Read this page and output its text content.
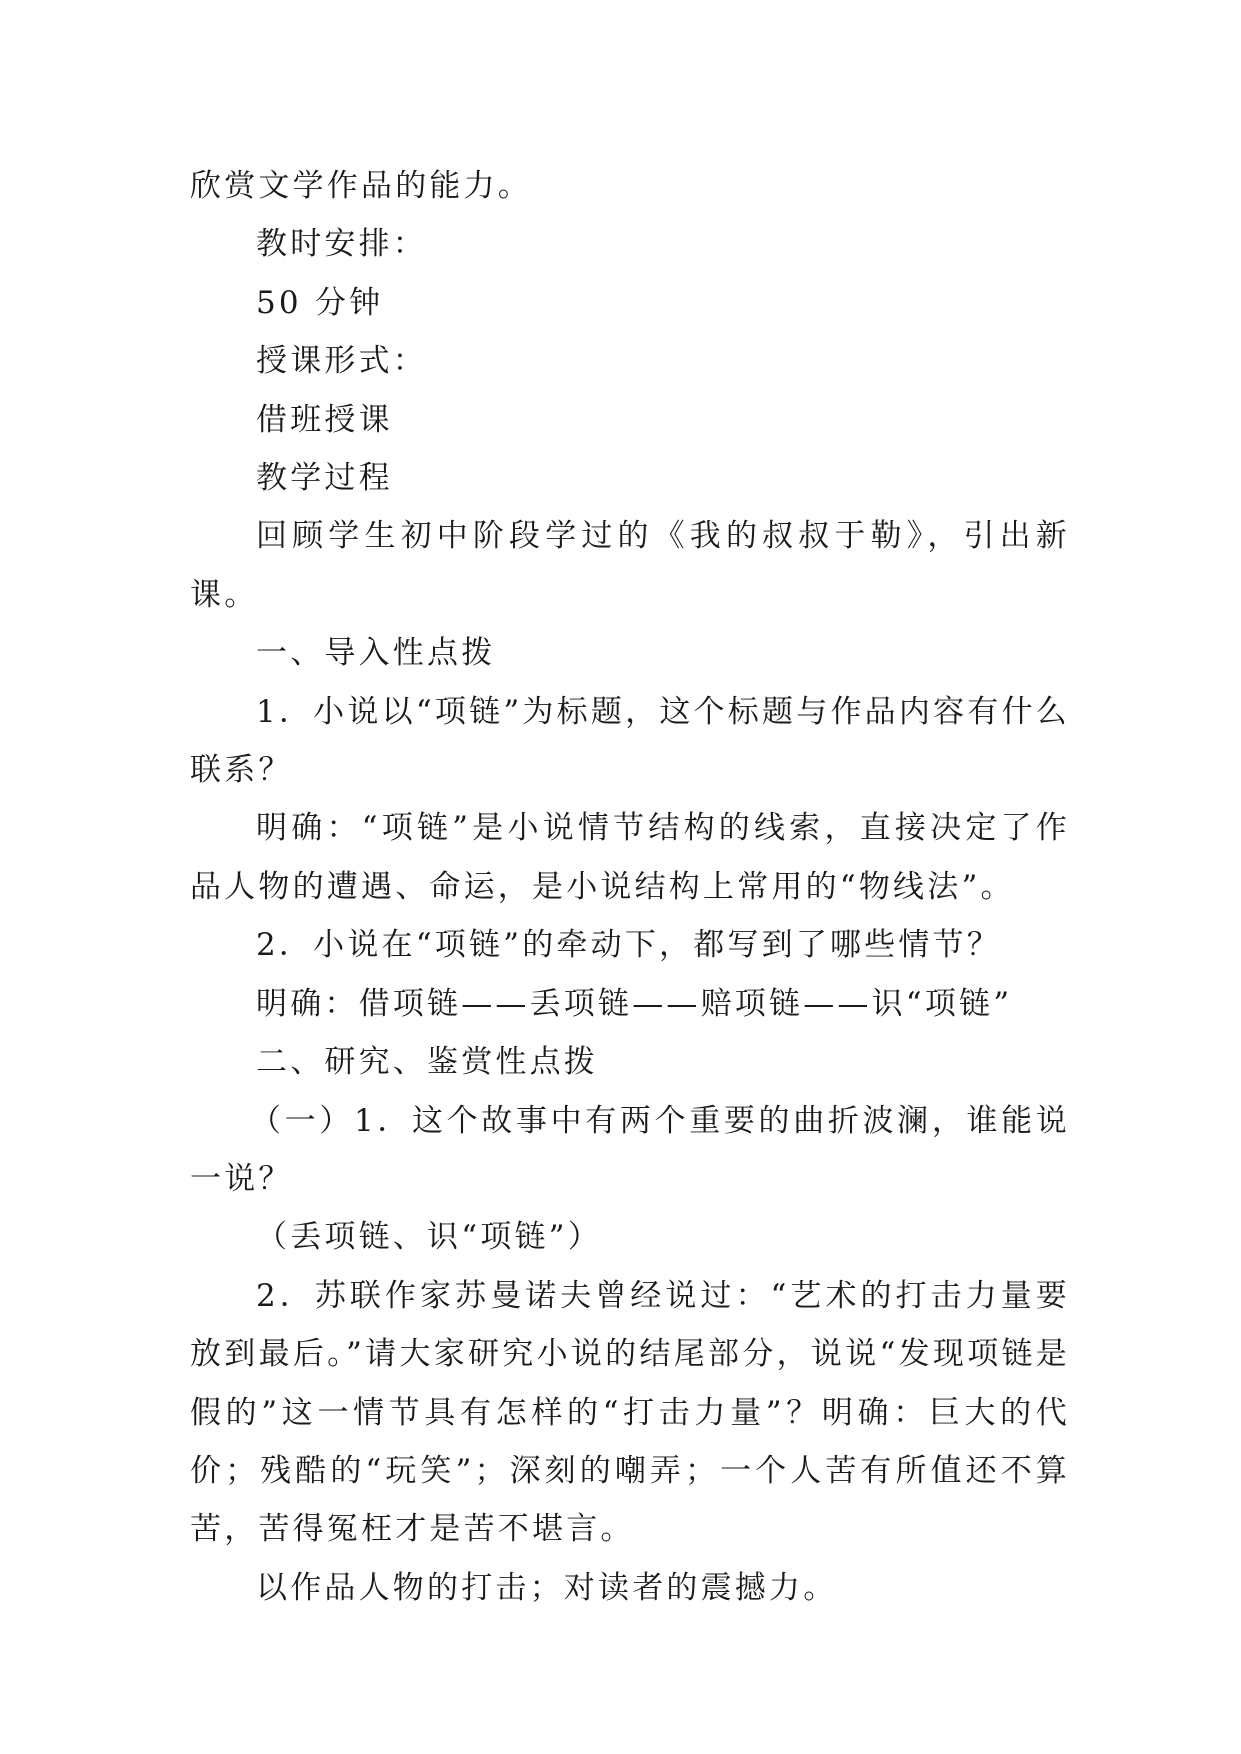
欣赏文学作品的能力。

教时安排：

50 分钟

授课形式：

借班授课

教学过程

回顾学生初中阶段学过的《我的叔叔于勒》，引出新课。

一、导入性点拨

1．小说以“项链”为标题，这个标题与作品内容有什么联系？

明确：“项链”是小说情节结构的线索，直接决定了作品人物的遭遇、命运，是小说结构上常用的“物线法”。

2．小说在“项链”的牵动下，都写到了哪些情节？

明确：借项链——丢项链——赔项链——识“项链”

二、研究、鉴赏性点拨

（一）1．这个故事中有两个重要的曲折波澜，谁能说一说？

（丢项链、识“项链”）

2．苏联作家苏曼诺夫曾经说过：“艺术的打击力量要放到最后。”请大家研究小说的结尾部分，说说“发现项链是假的”这一情节具有怎样的“打击力量”？明确：巨大的代价；残酷的“玩笑”；深刻的嘲弄；一个人苦有所值还不算苦，苦得冤枉才是苦不堪言。

以作品人物的打击；对读者的震撼力。
